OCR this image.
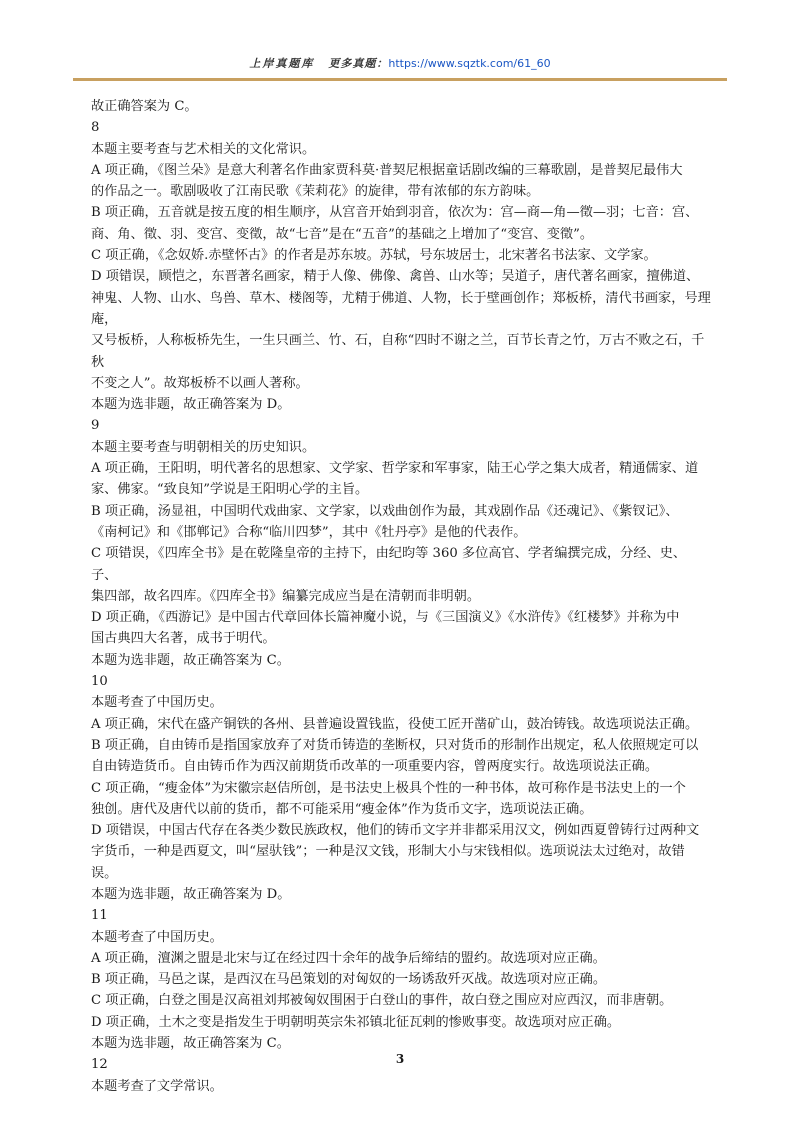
上岸真题库 更多真题：https://www.sqztk.com/61_60

故正确答案为 C。

8

本题主要考查与艺术相关的文化常识。

A 项正确，《图兰朵》是意大利著名作曲家贾科莫·普契尼根据童话剧改编的三幕歌剧，是普契尼最伟大

的作品之一。歌剧吸收了江南民歌《茉莉花》的旋律，带有浓郁的东方韵味。

B 项正确，五音就是按五度的相生顺序，从宫音开始到羽音，依次为：宫—商—角—徵—羽；七音：宫、

商、角、徵、羽、变宫、变徵，故“七音”是在“五音”的基础之上增加了“变宫、变徵”。

C 项正确，《念奴娇.赤壁怀古》的作者是苏东坡。苏轼，号东坡居士，北宋著名书法家、文学家。

D 项错误，顾恺之，东晋著名画家，精于人像、佛像、禽兽、山水等；吴道子，唐代著名画家，擅佛道、

神鬼、人物、山水、鸟兽、草木、楼阁等，尤精于佛道、人物，长于壁画创作；郑板桥，清代书画家，号理庵，

又号板桥，人称板桥先生，一生只画兰、竹、石，自称“四时不谢之兰，百节长青之竹，万古不败之石，千秋

不变之人”。故郑板桥不以画人著称。

本题为选非题，故正确答案为 D。

9

本题主要考查与明朝相关的历史知识。

A 项正确，王阳明，明代著名的思想家、文学家、哲学家和军事家，陆王心学之集大成者，精通儒家、道

家、佛家。“致良知”学说是王阳明心学的主旨。

B 项正确，汤显祖，中国明代戏曲家、文学家，以戏曲创作为最，其戏剧作品《还魂记》、《紫钗记》、

《南柯记》和《邯郸记》合称“临川四梦”，其中《牡丹亭》是他的代表作。

C 项错误，《四库全书》是在乾隆皇帝的主持下，由纪昀等 360 多位高官、学者编撰完成，分经、史、子、

集四部，故名四库。《四库全书》编纂完成应当是在清朝而非明朝。

D 项正确，《西游记》是中国古代章回体长篇神魔小说，与《三国演义》《水浒传》《红楼梦》并称为中

国古典四大名著，成书于明代。

本题为选非题，故正确答案为 C。

10

本题考查了中国历史。

A 项正确，宋代在盛产铜铁的各州、县普遍设置钱监，役使工匠开凿矿山，鼓冶铸钱。故选项说法正确。

B 项正确，自由铸币是指国家放弃了对货币铸造的垄断权，只对货币的形制作出规定，私人依照规定可以

自由铸造货币。自由铸币作为西汉前期货币改革的一项重要内容，曾两度实行。故选项说法正确。

C 项正确，“瘦金体”为宋徽宗赵佶所创，是书法史上极具个性的一种书体，故可称作是书法史上的一个

独创。唐代及唐代以前的货币，都不可能采用“瘦金体”作为货币文字，选项说法正确。

D 项错误，中国古代存在各类少数民族政权，他们的铸币文字并非都采用汉文，例如西夏曾铸行过两种文

字货币，一种是西夏文，叫“屋驮钱”；一种是汉文钱，形制大小与宋钱相似。选项说法太过绝对，故错误。

本题为选非题，故正确答案为 D。

11

本题考查了中国历史。

A 项正确，澶渊之盟是北宋与辽在经过四十余年的战争后缔结的盟约。故选项对应正确。

B 项正确，马邑之谋，是西汉在马邑策划的对匈奴的一场诱敌歼灭战。故选项对应正确。

C 项正确，白登之围是汉高祖刘邦被匈奴围困于白登山的事件，故白登之围应对应西汉，而非唐朝。

D 项正确，土木之变是指发生于明朝明英宗朱祁镇北征瓦剌的惨败事变。故选项对应正确。

本题为选非题，故正确答案为 C。

12

本题考查了文学常识。

3
